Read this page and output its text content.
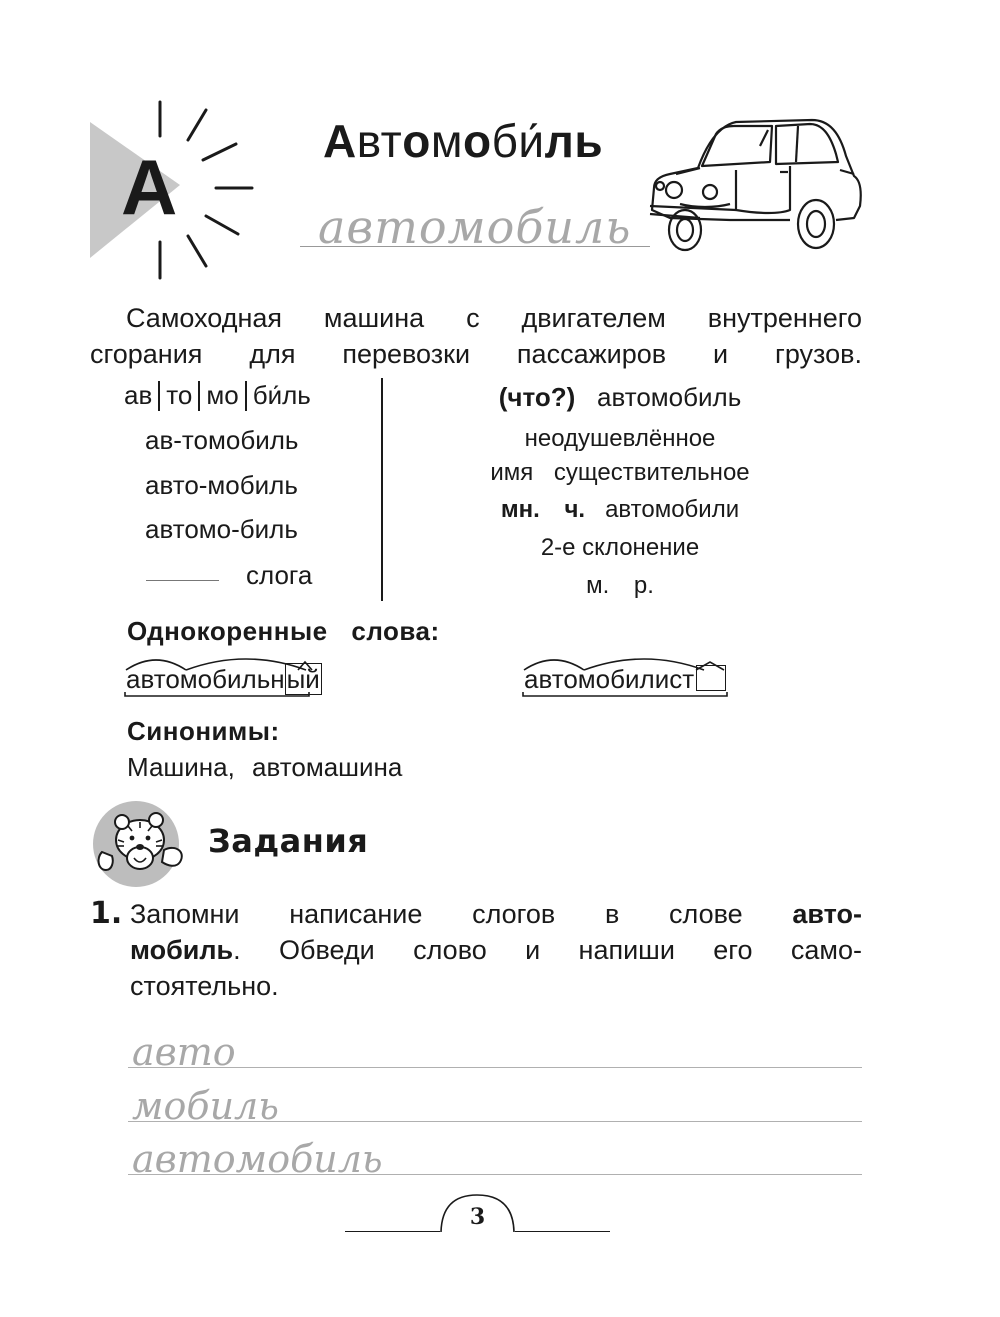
А
Автомоби́ль
автомобиль
Самоходная машина с двигателем внутреннего
сгорания для перевозки пассажиров и грузов.
ав то мо би́ль
ав-томобиль
авто-мобиль
автомо-биль
слога
(что?) автомобиль
неодушевлённое
имя существительное
мн. ч. автомобили
2-е склонение
м. р.
Однокоренные слова:
автомобильный	автомобилист
Синонимы:
Машина, автомашина
Задания
1. Запомни написание слогов в слове авто-
мобиль. Обведи слово и напиши его само-
стоятельно.
авто
мобиль
автомобиль
3
